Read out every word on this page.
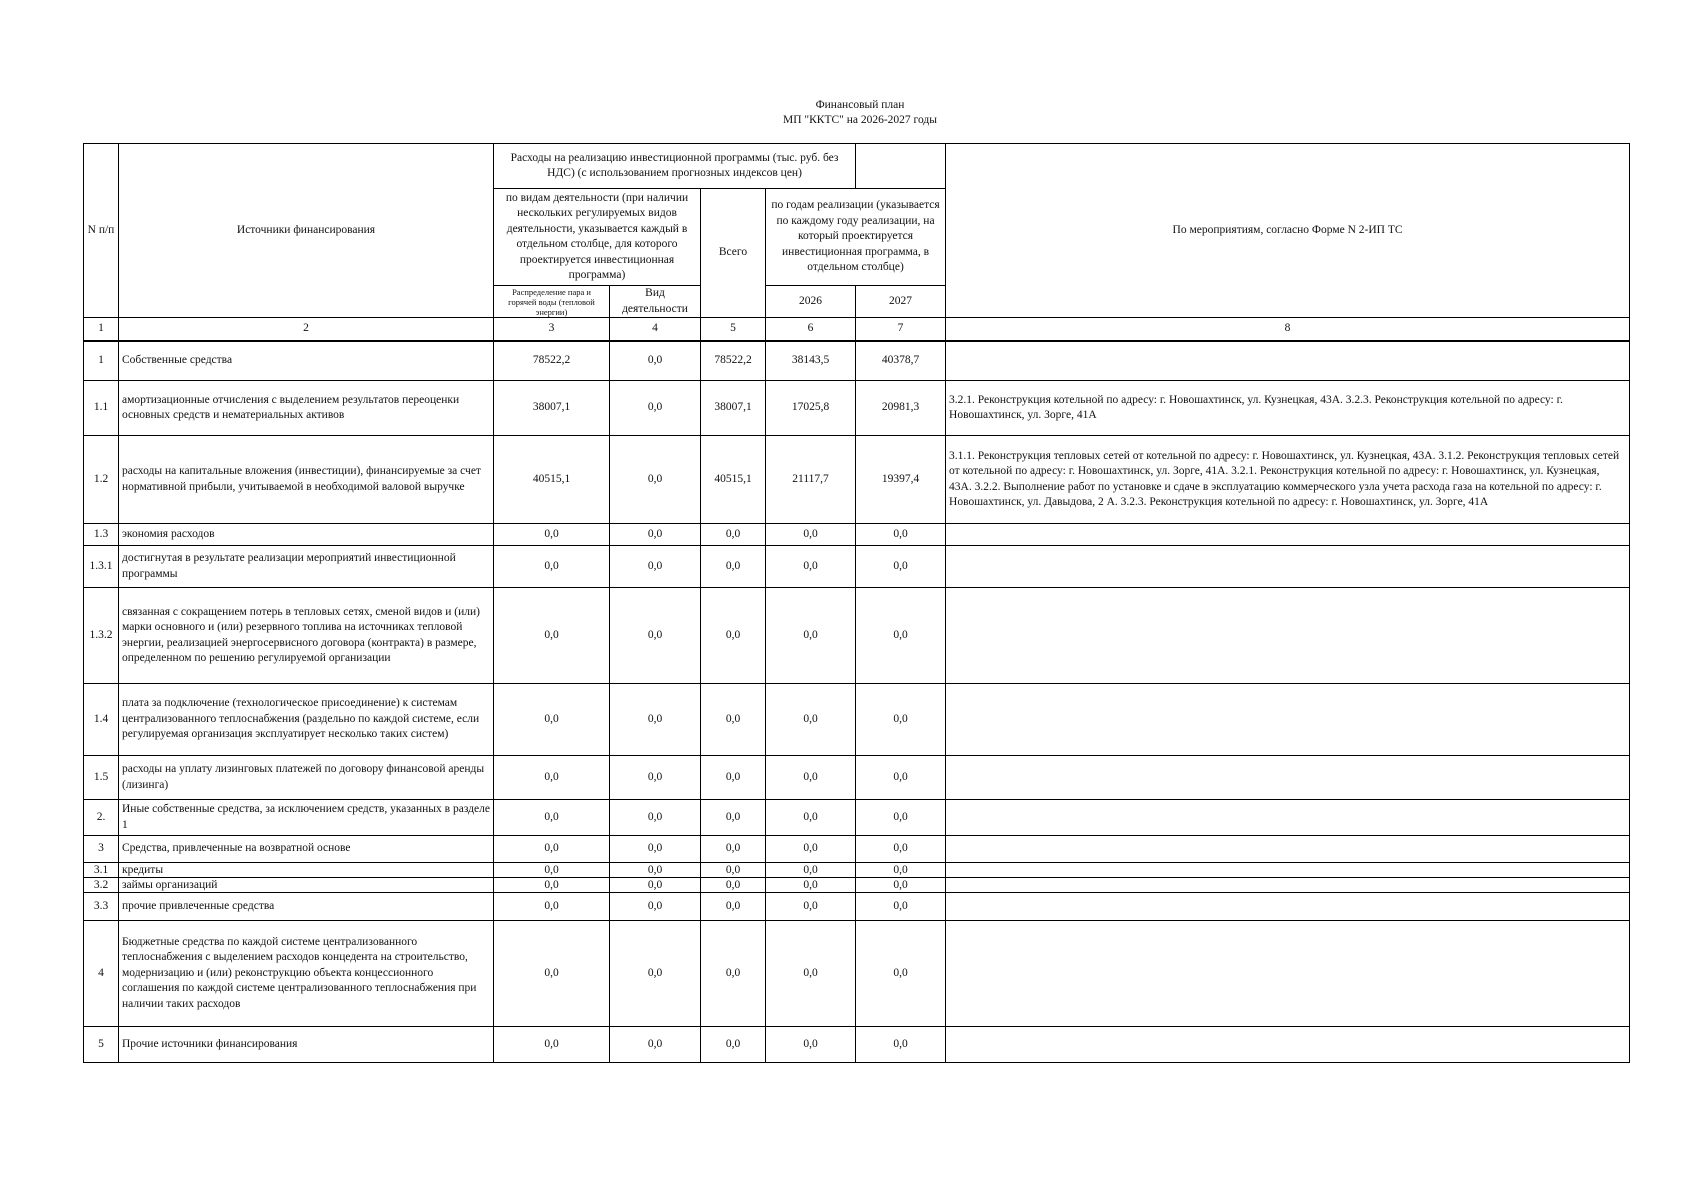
Финансовый план
МП "ККТС" на 2026-2027 годы
N п/п	Источники финансирования	Расходы на реализацию инвестиционной программы (тыс. руб. без НДС) (с использованием прогнозных индексов цен)					По мероприятиям, согласно Форме N 2-ИП ТС
		по видам деятельности (при наличии нескольких регулируемых видов деятельности, указывается каждый в отдельном столбце, для которого проектируется инвестиционная программа)		Всего	по годам реализации (указывается по каждому году реализации, на который проектируется инвестиционная программа, в отдельном столбце)		
		Распределение пара и горячей воды (тепловой энергии)	Вид деятельности		2026	2027	
1	2	3	4	5	6	7	8
1	Собственные средства	78522,2	0,0	78522,2	38143,5	40378,7	
1.1	амортизационные отчисления с выделением результатов переоценки основных средств и нематериальных активов	38007,1	0,0	38007,1	17025,8	20981,3	3.2.1. Реконструкция котельной по адресу: г. Новошахтинск, ул. Кузнецкая, 43А. 3.2.3. Реконструкция котельной по адресу: г. Новошахтинск, ул. Зорге, 41А
1.2	расходы на капитальные вложения (инвестиции), финансируемые за счет нормативной прибыли, учитываемой в необходимой валовой выручке	40515,1	0,0	40515,1	21117,7	19397,4	3.1.1. Реконструкция тепловых сетей от котельной по адресу: г. Новошахтинск, ул. Кузнецкая, 43А. 3.1.2. Реконструкция тепловых сетей от котельной по адресу: г. Новошахтинск, ул. Зорге, 41А. 3.2.1. Реконструкция котельной по адресу: г. Новошахтинск, ул. Кузнецкая, 43А. 3.2.2. Выполнение работ по установке и сдаче в эксплуатацию коммерческого узла учета расхода газа на котельной по адресу: г. Новошахтинск, ул. Давыдова, 2 А. 3.2.3. Реконструкция котельной по адресу: г. Новошахтинск, ул. Зорге, 41А
1.3	экономия расходов	0,0	0,0	0,0	0,0	0,0	
1.3.1	достигнутая в результате реализации мероприятий инвестиционной программы	0,0	0,0	0,0	0,0	0,0	
1.3.2	связанная с сокращением потерь в тепловых сетях, сменой видов и (или) марки основного и (или) резервного топлива на источниках тепловой энергии, реализацией энергосервисного договора (контракта) в размере, определенном по решению регулируемой организации	0,0	0,0	0,0	0,0	0,0	
1.4	плата за подключение (технологическое присоединение) к системам централизованного теплоснабжения (раздельно по каждой системе, если регулируемая организация эксплуатирует несколько таких систем)	0,0	0,0	0,0	0,0	0,0	
1.5	расходы на уплату лизинговых платежей по договору финансовой аренды (лизинга)	0,0	0,0	0,0	0,0	0,0	
2.	Иные собственные средства, за исключением средств, указанных в разделе 1	0,0	0,0	0,0	0,0	0,0	
3	Средства, привлеченные на возвратной основе	0,0	0,0	0,0	0,0	0,0	
3.1	кредиты	0,0	0,0	0,0	0,0	0,0	
3.2	займы организаций	0,0	0,0	0,0	0,0	0,0	
3.3	прочие привлеченные средства	0,0	0,0	0,0	0,0	0,0	
4	Бюджетные средства по каждой системе централизованного теплоснабжения с выделением расходов концедента на строительство, модернизацию и (или) реконструкцию объекта концессионного соглашения по каждой системе централизованного теплоснабжения при наличии таких расходов	0,0	0,0	0,0	0,0	0,0	
5	Прочие источники финансирования	0,0	0,0	0,0	0,0	0,0	
